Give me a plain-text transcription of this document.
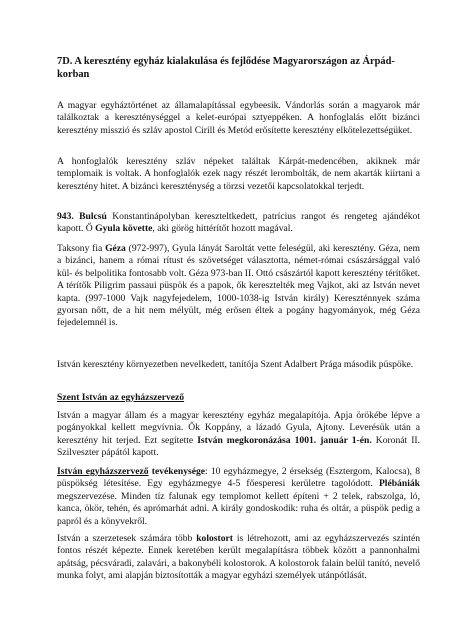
7D. A keresztény egyház kialakulása és fejlődése Magyarországon az Árpád-korban

A magyar egyháztörténet az államalapítással egybeesik. Vándorlás során a magyarok már találkoztak a kereszténységgel a kelet-európai sztyeppéken. A honfoglalás előtt bizánci keresztény misszió és szláv apostol Cirill és Metód erősítette keresztény elkötelezettségüket.

A honfoglalók keresztény szláv népeket találtak Kárpát-medencében, akiknek már templomaik is voltak. A honfoglalók ezek nagy részét lerombolták, de nem akarták kiirtani a keresztény hitet. A bizánci kereszténység a törzsi vezetői kapcsolatokkal terjedt.

943. Bulcsú Konstantinápolyban kereszteltkedett, patrícius rangot és rengeteg ajándékot kapott. Ő Gyula követte, aki görög hittérítőt hozott magával.

Taksony fia Géza (972-997), Gyula lányát Saroltát vette feleségül, aki keresztény. Géza, nem a bizánci, hanem a római rítust és szövetséget választotta, német-római császársággal való kül- és belpolitika fontosabb volt. Géza 973-ban II. Ottó császártól kapott keresztény térítőket. A térítők Piligrim passaui püspök és a papok, ők keresztelték meg Vajkot, aki az István nevet kapta. (997-1000 Vajk nagyfejedelem, 1000-1038-ig István király) Kereszténnyek száma gyorsan nőtt, de a hit nem mélyült, még erősen éltek a pogány hagyományok, még Géza fejedelemnél is.

István keresztény környezetben nevelkedett, tanítója Szent Adalbert Prága második püspöke.

Szent István az egyházszervező

István a magyar állam és a magyar keresztény egyház megalapítója. Apja örökébe lépve a pogányokkal kellett megvívnia. Ők Koppány, a lázadó Gyula, Ajtony. Leverésük után a keresztény hit terjed. Ezt segítette István megkoronázása 1001. január 1-én. Koronát II. Szilveszter pápától kapott.

István egyházszervező tevékenysége: 10 egyházmegye, 2 érsekség (Esztergom, Kalocsa), 8 püspökség létesítése. Egy egyházmegye 4-5 főesperesi kerületre tagolódott. Plébániák megszervezése. Minden tíz falunak egy templomot kellett építeni + 2 telek, rabszolga, ló, kanca, ökör, tehén, és aprómarhát adni. A király gondoskodik: ruha és oltár, a püspök pedig a papról és a könyvekről.

István a szerzetesek számára több kolostort is létrehozott, ami az egyházszervezés szintén fontos részét képezte. Ennek keretében került megalapításra többek között a pannonhalmi apátság, pécsváradi, zalavári, a bakonybéli kolostorok. A kolostorok falain belül tanító, nevelő munka folyt, ami alapján biztosították a magyar egyházi személyek utánpótlását.
